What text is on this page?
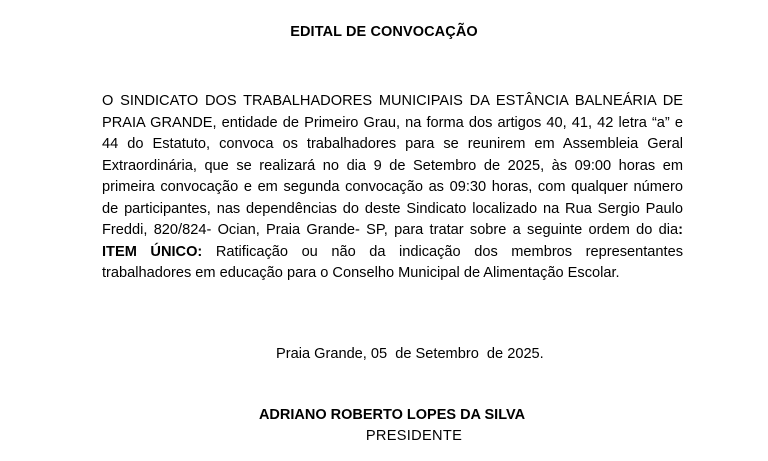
EDITAL DE CONVOCAÇÃO

O SINDICATO DOS TRABALHADORES MUNICIPAIS DA ESTÂNCIA BALNEÁRIA DE PRAIA GRANDE, entidade de Primeiro Grau, na forma dos artigos 40, 41, 42 letra “a” e 44 do Estatuto, convoca os trabalhadores para se reunirem em Assembleia Geral Extraordinária, que se realizará no dia 9 de Setembro de 2025, às 09:00 horas em primeira convocação e em segunda convocação as 09:30 horas, com qualquer número de participantes, nas dependências do deste Sindicato localizado na Rua Sergio Paulo Freddi, 820/824- Ocian, Praia Grande- SP, para tratar sobre a seguinte ordem do dia: ITEM ÚNICO: Ratificação ou não da indicação dos membros representantes trabalhadores em educação para o Conselho Municipal de Alimentação Escolar.

Praia Grande, 05  de Setembro  de 2025.
ADRIANO ROBERTO LOPES DA SILVA
PRESIDENTE
